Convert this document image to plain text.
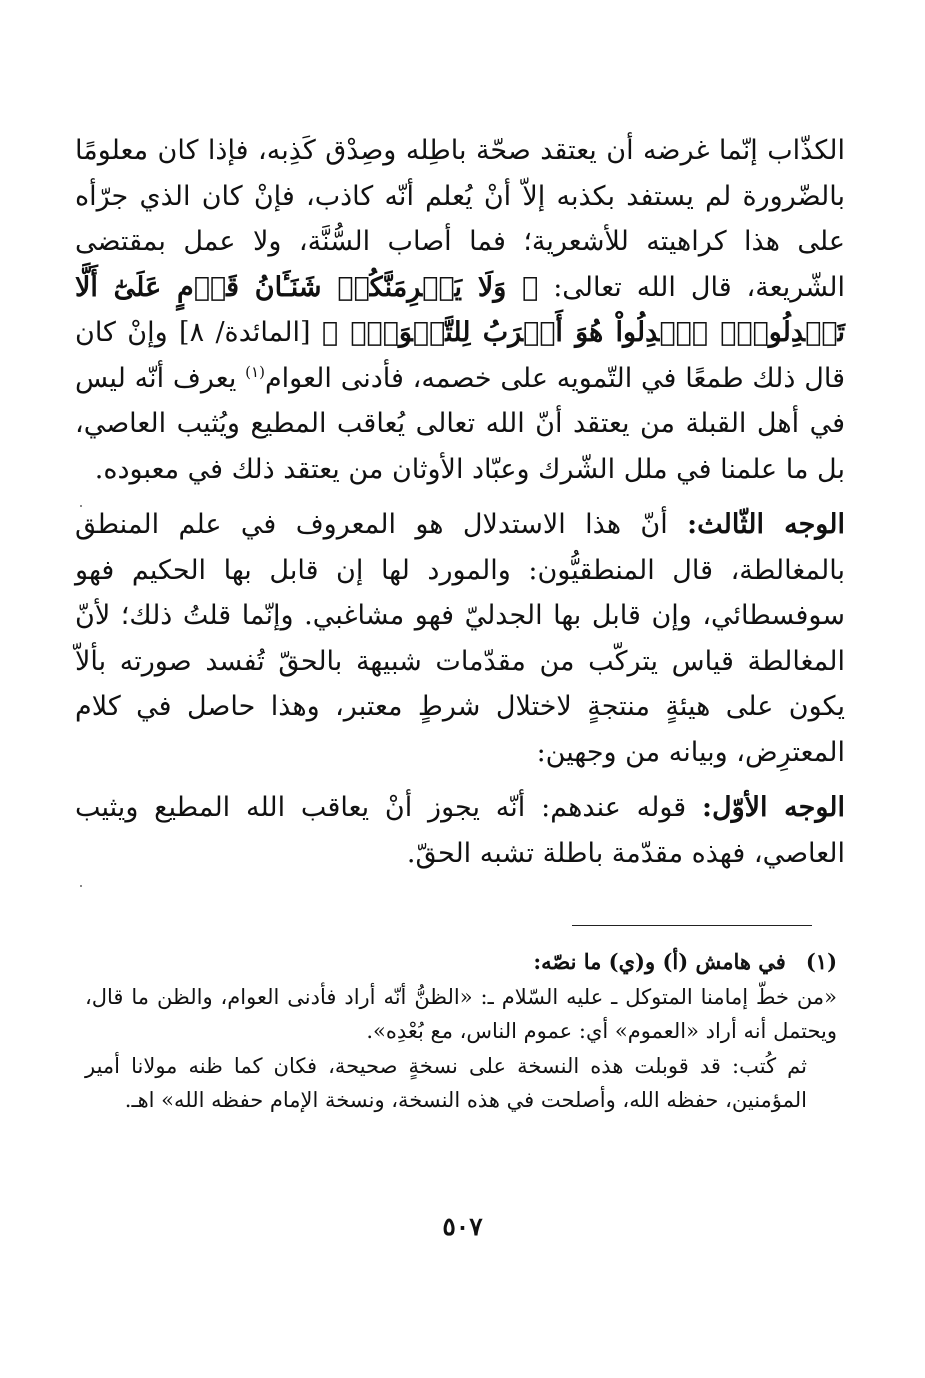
الكذّاب إنّما غرضه أن يعتقد صحّة باطِله وصِدْق كَذِبه، فإذا كان معلومًا بالضّرورة لم يستفد بكذبه إلاّ أنْ يُعلم أنّه كاذب، فإنْ كان الذي جرّأه على هذا كراهيته للأشعرية؛ فما أصاب السُّنَّة، ولا عمل بمقتضى الشّريعة، قال الله تعالى: ﴿ وَلَا يَجۡرِمَنَّكُمۡ شَنَـَٔانُ قَوۡمٍ عَلَىٰٓ أَلَّا تَعۡدِلُواْۚ ٱعۡدِلُواْ هُوَ أَقۡرَبُ لِلتَّقۡوَىٰۖ ﴾ [المائدة/ ٨] وإنْ كان قال ذلك طمعًا في التّمويه على خصمه، فأدنى العوام$^{(١)}$ يعرف أنّه ليس في أهل القبلة من يعتقد أنّ الله تعالى يُعاقب المطيع ويُثيب العاصي، بل ما علمنا في ملل الشّرك وعبّاد الأوثان من يعتقد ذلك في معبوده.

الوجه الثّالث: أنّ هذا الاستدلال هو المعروف في علم المنطق بالمغالطة، قال المنطقيُّون: والمورد لها إن قابل بها الحكيم فهو سوفسطائي، وإن قابل بها الجدليّ فهو مشاغبي. وإنّما قلتُ ذلك؛ لأنّ المغالطة قياس يتركّب من مقدّمات شبيهة بالحقّ تُفسد صورته بألاّ يكون على هيئةٍ منتجةٍ لاختلال شرطٍ معتبر، وهذا حاصل في كلام المعترِض، وبيانه من وجهين:

الوجه الأوّل: قوله عندهم: أنّه يجوز أنْ يعاقب الله المطيع ويثيب العاصي، فهذه مقدّمة باطلة تشبه الحقّ.

(١)   في هامش (أ) و(ي) ما نصّه:

«من خطّ إمامنا المتوكل ـ عليه السّلام ـ: «الظنُّ أنّه أراد فأدنى العوام، والظن ما قال، ويحتمل أنه أراد «العموم» أي: عموم الناس، مع بُعْدِه».

ثم كُتب: قد قوبلت هذه النسخة على نسخةٍ صحيحة، فكان كما ظنه مولانا أمير المؤمنين، حفظه الله، وأصلحت في هذه النسخة، ونسخة الإمام حفظه الله» اهـ.

٥٠٧
